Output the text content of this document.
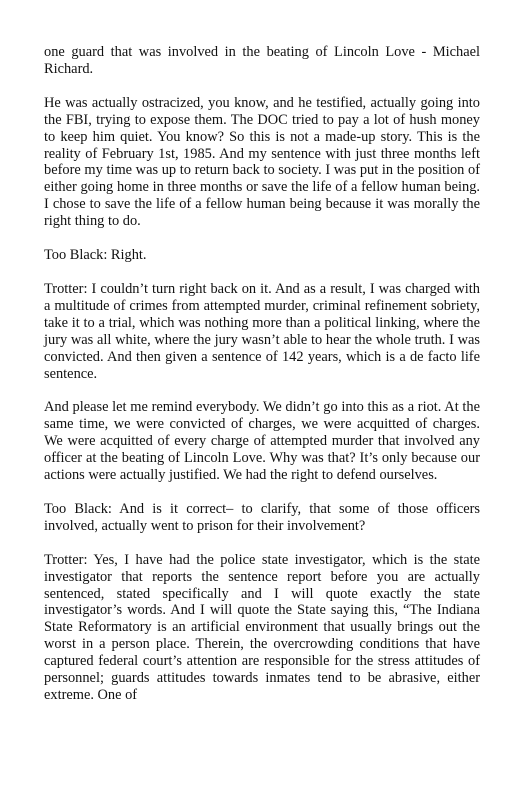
one guard that was involved in the beating of Lincoln Love - Michael Richard.

He was actually ostracized, you know, and he testified, actually going into the FBI, trying to expose them. The DOC tried to pay a lot of hush money to keep him quiet. You know? So this is not a made-up story. This is the reality of February 1st, 1985. And my sentence with just three months left before my time was up to return back to society. I was put in the position of either going home in three months or save the life of a fellow human being. I chose to save the life of a fellow human being because it was morally the right thing to do.

Too Black: Right.

Trotter: I couldn’t turn right back on it. And as a result, I was charged with a multitude of crimes from attempted murder, criminal refinement sobriety, take it to a trial, which was nothing more than a political linking, where the jury was all white, where the jury wasn’t able to hear the whole truth. I was convicted. And then given a sentence of 142 years, which is a de facto life sentence.

And please let me remind everybody. We didn’t go into this as a riot. At the same time, we were convicted of charges, we were acquitted of charges. We were acquitted of every charge of attempted murder that involved any officer at the beating of Lincoln Love. Why was that? It’s only because our actions were actually justified. We had the right to defend ourselves.

Too Black: And is it correct– to clarify, that some of those officers involved, actually went to prison for their involvement?

Trotter: Yes, I have had the police state investigator, which is the state investigator that reports the sentence report before you are actually sentenced, stated specifically and I will quote exactly the state investigator’s words. And I will quote the State saying this, “The Indiana State Reformatory is an artificial environment that usually brings out the worst in a person place. Therein, the overcrowding conditions that have captured federal court’s attention are responsible for the stress attitudes of personnel; guards attitudes towards inmates tend to be abrasive, either extreme. One of
